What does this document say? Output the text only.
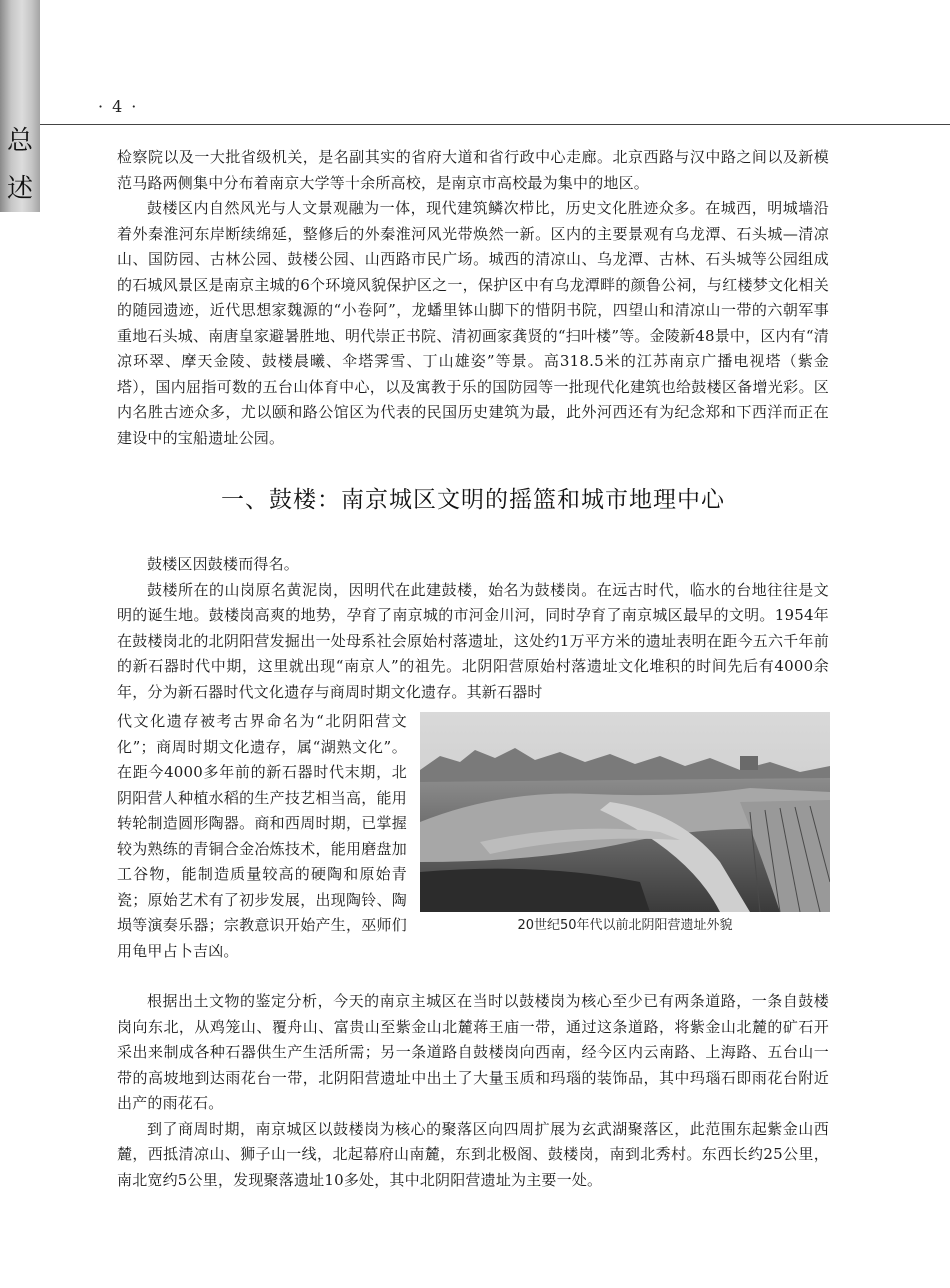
总
述
· 4 ·

检察院以及一大批省级机关，是名副其实的省府大道和省行政中心走廊。北京西路与汉中路之间以及新模范马路两侧集中分布着南京大学等十余所高校，是南京市高校最为集中的地区。

鼓楼区内自然风光与人文景观融为一体，现代建筑鳞次栉比，历史文化胜迹众多。在城西，明城墙沿着外秦淮河东岸断续绵延，整修后的外秦淮河风光带焕然一新。区内的主要景观有乌龙潭、石头城—清凉山、国防园、古林公园、鼓楼公园、山西路市民广场。城西的清凉山、乌龙潭、古林、石头城等公园组成的石城风景区是南京主城的6个环境风貌保护区之一，保护区中有乌龙潭畔的颜鲁公祠，与红楼梦文化相关的随园遗迹，近代思想家魏源的“小卷阿”，龙蟠里钵山脚下的惜阴书院，四望山和清凉山一带的六朝军事重地石头城、南唐皇家避暑胜地、明代崇正书院、清初画家龚贤的“扫叶楼”等。金陵新48景中，区内有“清凉环翠、摩天金陵、鼓楼晨曦、伞塔霁雪、丁山雄姿”等景。高318.5米的江苏南京广播电视塔（紫金塔），国内屈指可数的五台山体育中心，以及寓教于乐的国防园等一批现代化建筑也给鼓楼区备增光彩。区内名胜古迹众多，尤以颐和路公馆区为代表的民国历史建筑为最，此外河西还有为纪念郑和下西洋而正在建设中的宝船遗址公园。

一、鼓楼：南京城区文明的摇篮和城市地理中心

鼓楼区因鼓楼而得名。

鼓楼所在的山岗原名黄泥岗，因明代在此建鼓楼，始名为鼓楼岗。在远古时代，临水的台地往往是文明的诞生地。鼓楼岗高爽的地势，孕育了南京城的市河金川河，同时孕育了南京城区最早的文明。1954年在鼓楼岗北的北阴阳营发掘出一处母系社会原始村落遗址，这处约1万平方米的遗址表明在距今五六千年前的新石器时代中期，这里就出现“南京人”的祖先。北阴阳营原始村落遗址文化堆积的时间先后有4000余年，分为新石器时代文化遗存与商周时期文化遗存。其新石器时

代文化遗存被考古界命名为“北阴阳营文化”；商周时期文化遗存，属“湖熟文化”。在距今4000多年前的新石器时代末期，北阴阳营人种植水稻的生产技艺相当高，能用转轮制造圆形陶器。商和西周时期，已掌握较为熟练的青铜合金冶炼技术，能用磨盘加工谷物，能制造质量较高的硬陶和原始青瓷；原始艺术有了初步发展，出现陶铃、陶埙等演奏乐器；宗教意识开始产生，巫师们用龟甲占卜吉凶。

20世纪50年代以前北阴阳营遗址外貌

根据出土文物的鉴定分析，今天的南京主城区在当时以鼓楼岗为核心至少已有两条道路，一条自鼓楼岗向东北，从鸡笼山、覆舟山、富贵山至紫金山北麓蒋王庙一带，通过这条道路，将紫金山北麓的矿石开采出来制成各种石器供生产生活所需；另一条道路自鼓楼岗向西南，经今区内云南路、上海路、五台山一带的高坡地到达雨花台一带，北阴阳营遗址中出土了大量玉质和玛瑙的装饰品，其中玛瑙石即雨花台附近出产的雨花石。

到了商周时期，南京城区以鼓楼岗为核心的聚落区向四周扩展为玄武湖聚落区，此范围东起紫金山西麓，西抵清凉山、狮子山一线，北起幕府山南麓，东到北极阁、鼓楼岗，南到北秀村。东西长约25公里，南北宽约5公里，发现聚落遗址10多处，其中北阴阳营遗址为主要一处。
